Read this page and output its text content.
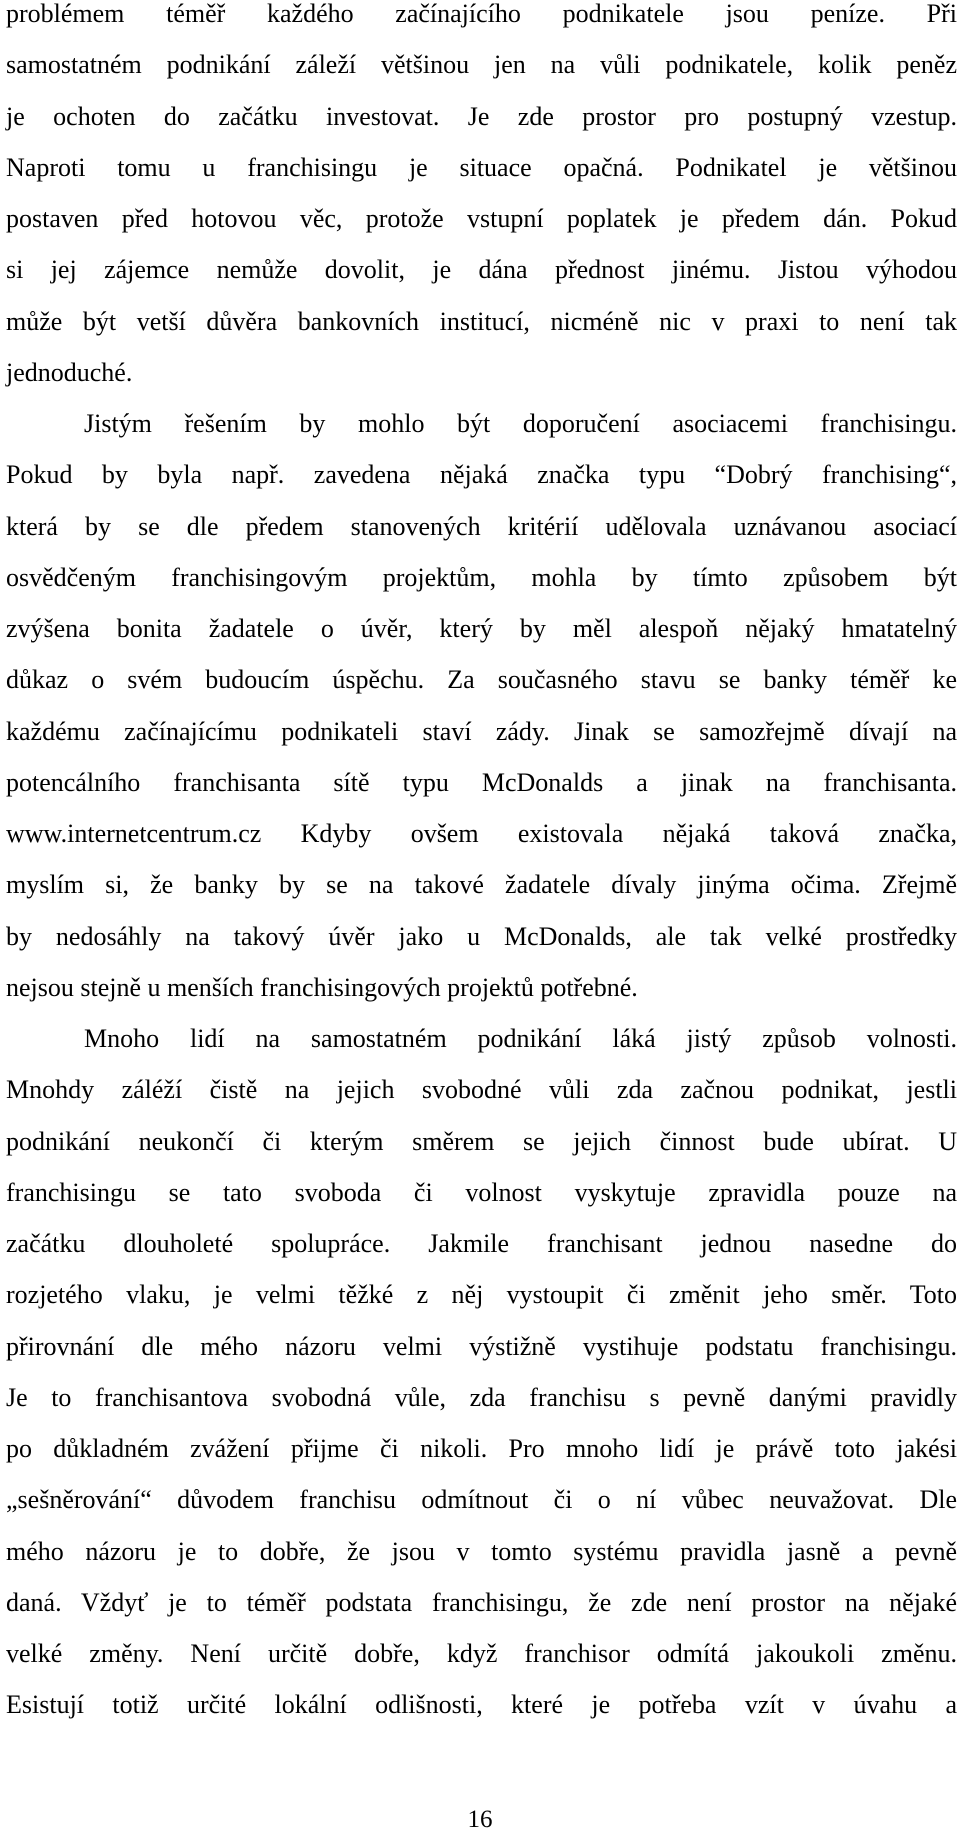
problémem téměř každého začínajícího podnikatele jsou peníze. Při
samostatném podnikání záleží většinou jen na vůli podnikatele, kolik peněz
je ochoten do začátku investovat. Je zde prostor pro postupný vzestup.
Naproti tomu u franchisingu je situace opačná. Podnikatel je většinou
postaven před hotovou věc, protože vstupní poplatek je předem dán. Pokud
si jej zájemce nemůže dovolit, je dána přednost jinému. Jistou výhodou
může být vetší důvěra bankovních institucí, nicméně nic v praxi to není tak
jednoduché.
Jistým řešením by mohlo být doporučení asociacemi franchisingu.
Pokud by byla např. zavedena nějaká značka typu “Dobrý franchising“,
která by se dle předem stanovených kritérií udělovala uznávanou asociací
osvědčeným franchisingovým projektům, mohla by tímto způsobem být
zvýšena bonita žadatele o úvěr, který by měl alespoň nějaký hmatatelný
důkaz o svém budoucím úspěchu. Za současného stavu se banky téměř ke
každému začínajícímu podnikateli staví zády. Jinak se samozřejmě dívají na
potencálního franchisanta sítě typu McDonalds a jinak na franchisanta.
www.internetcentrum.cz Kdyby ovšem existovala nějaká taková značka,
myslím si, že banky by se na takové žadatele dívaly jinýma očima. Zřejmě
by nedosáhly na takový úvěr jako u McDonalds, ale tak velké prostředky
nejsou stejně u menších franchisingových projektů potřebné.
Mnoho lidí na samostatném podnikání láká jistý způsob volnosti.
Mnohdy záléží čistě na jejich svobodné vůli zda začnou podnikat, jestli
podnikání neukončí či kterým směrem se jejich činnost bude ubírat. U
franchisingu se tato svoboda či volnost vyskytuje zpravidla pouze na
začátku dlouholeté spolupráce. Jakmile franchisant jednou nasedne do
rozjetého vlaku, je velmi těžké z něj vystoupit či změnit jeho směr. Toto
přirovnání dle mého názoru velmi výstižně vystihuje podstatu franchisingu.
Je to franchisantova svobodná vůle, zda franchisu s pevně danými pravidly
po důkladném zvážení přijme či nikoli. Pro mnoho lidí je právě toto jakési
„sešněrování“ důvodem franchisu odmítnout či o ní vůbec neuvažovat. Dle
mého názoru je to dobře, že jsou v tomto systému pravidla jasně a pevně
daná. Vždyť je to téměř podstata franchisingu, že zde není prostor na nějaké
velké změny. Není určitě dobře, když franchisor odmítá jakoukoli změnu.
Esistují totiž určité lokální odlišnosti, které je potřeba vzít v úvahu a
16
